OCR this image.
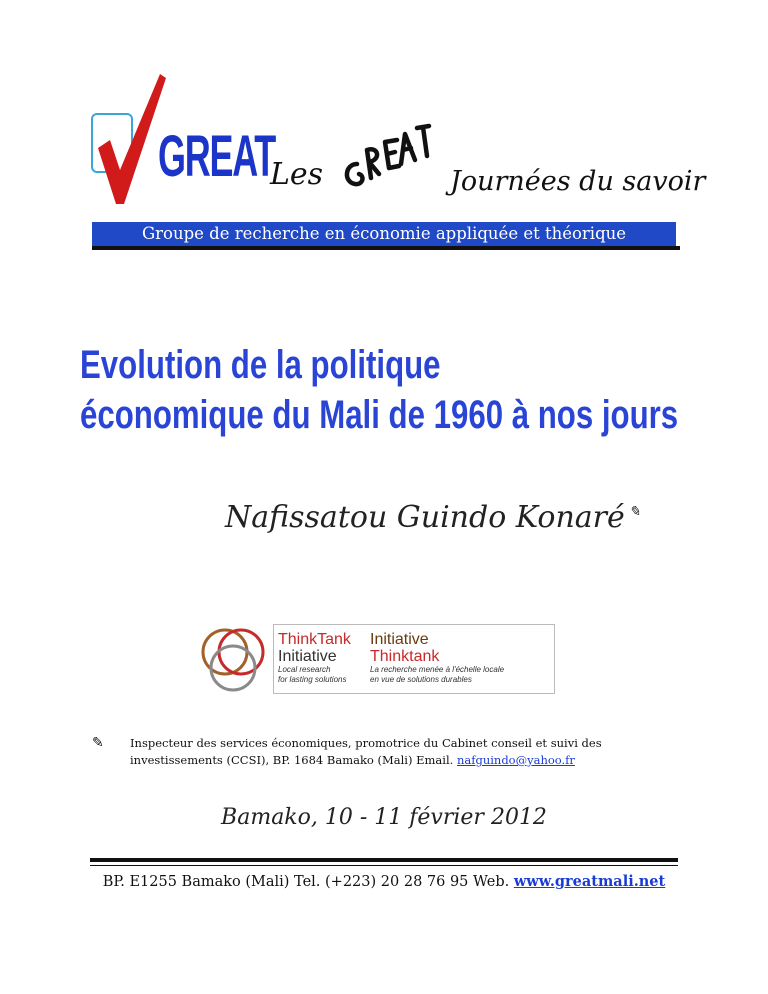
GREAT
Les	Journées du savoir
Groupe de recherche en économie appliquée et théorique
Evolution de la politique
économique du Mali de 1960 à nos jours
Nafissatou Guindo Konaré ✎
ThinkTank
Initiative
Local research
for lasting solutions
Initiative
Thinktank
La recherche menée à l'échelle locale
en vue de solutions durables
✎	Inspecteur des services économiques, promotrice du Cabinet conseil et suivi des
investissements (CCSI), BP. 1684 Bamako (Mali) Email. nafguindo@yahoo.fr
Bamako, 10 - 11 février 2012
BP. E1255 Bamako (Mali) Tel. (+223) 20 28 76 95 Web. www.greatmali.net
